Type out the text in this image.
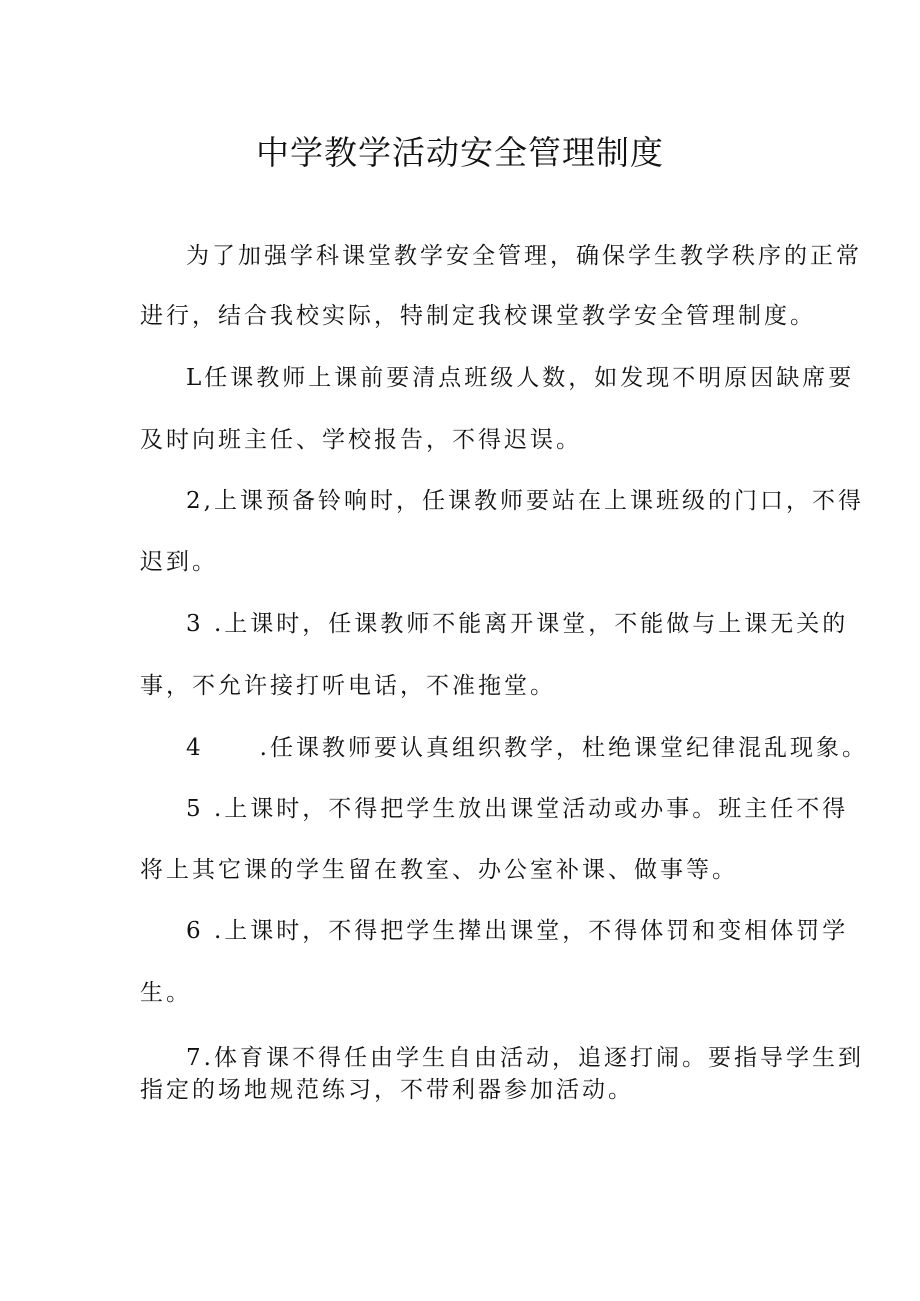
中学教学活动安全管理制度
为了加强学科课堂教学安全管理，确保学生教学秩序的正常
进行，结合我校实际，特制定我校课堂教学安全管理制度。
L任课教师上课前要清点班级人数，如发现不明原因缺席要
及时向班主任、学校报告，不得迟误。
2,上课预备铃响时，任课教师要站在上课班级的门口，不得
迟到。
3 .上课时，任课教师不能离开课堂，不能做与上课无关的
事，不允许接打听电话，不准拖堂。
4 .任课教师要认真组织教学，杜绝课堂纪律混乱现象。
5 .上课时，不得把学生放出课堂活动或办事。班主任不得
将上其它课的学生留在教室、办公室补课、做事等。
6 .上课时，不得把学生撵出课堂，不得体罚和变相体罚学
生。
7.体育课不得任由学生自由活动，追逐打闹。要指导学生到
指定的场地规范练习，不带利器参加活动。
